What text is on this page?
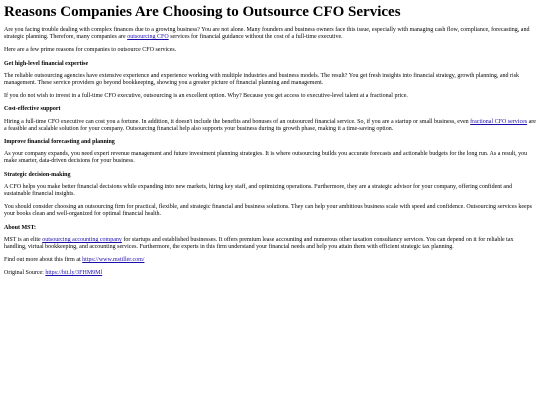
Reasons Companies Are Choosing to Outsource CFO Services

Are you facing trouble dealing with complex finances due to a growing business? You are not alone. Many founders and business owners face this issue, especially with managing cash flow, compliance, forecasting, and strategic planning. Therefore, many companies are outsourcing CFO services for financial guidance without the cost of a full-time executive.

Here are a few prime reasons for companies to outsource CFO services.

Get high-level financial expertise

The reliable outsourcing agencies have extensive experience and experience working with multiple industries and business models. The result? You get fresh insights into financial strategy, growth planning, and risk management. These service providers go beyond bookkeeping, showing you a greater picture of financial planning and management.

If you do not wish to invest in a full-time CFO executive, outsourcing is an excellent option. Why? Because you get access to executive-level talent at a fractional price.

Cost-effective support

Hiring a full-time CFO executive can cost you a fortune. In addition, it doesn't include the benefits and bonuses of an outsourced financial service. So, if you are a startup or small business, even fractional CFO services are a feasible and scalable solution for your company. Outsourcing financial help also supports your business during its growth phase, making it a time-saving option.

Improve financial forecasting and planning

As your company expands, you need expert revenue management and future investment planning strategies. It is where outsourcing builds you accurate forecasts and actionable budgets for the long run. As a result, you make smarter, data-driven decisions for your business.

Strategic decision-making

A CFO helps you make better financial decisions while expanding into new markets, hiring key staff, and optimizing operations. Furthermore, they are a strategic advisor for your company, offering confident and sustainable financial insights.

You should consider choosing an outsourcing firm for practical, flexible, and strategic financial and business solutions. They can help your ambitious business scale with speed and confidence. Outsourcing services keeps your books clean and well-organized for optimal financial health.

About MST:

MST is an elite outsourcing accounting company for startups and established businesses. It offers premium lease accounting and numerous other taxation consultancy services. You can depend on it for reliable tax handling, virtual bookkeeping, and accounting services. Furthermore, the experts in this firm understand your financial needs and help you attain them with efficient strategic tax planning.

Find out more about this firm at https://www.mstiller.com/

Original Source: https://bit.ly/3FHM9Ml
